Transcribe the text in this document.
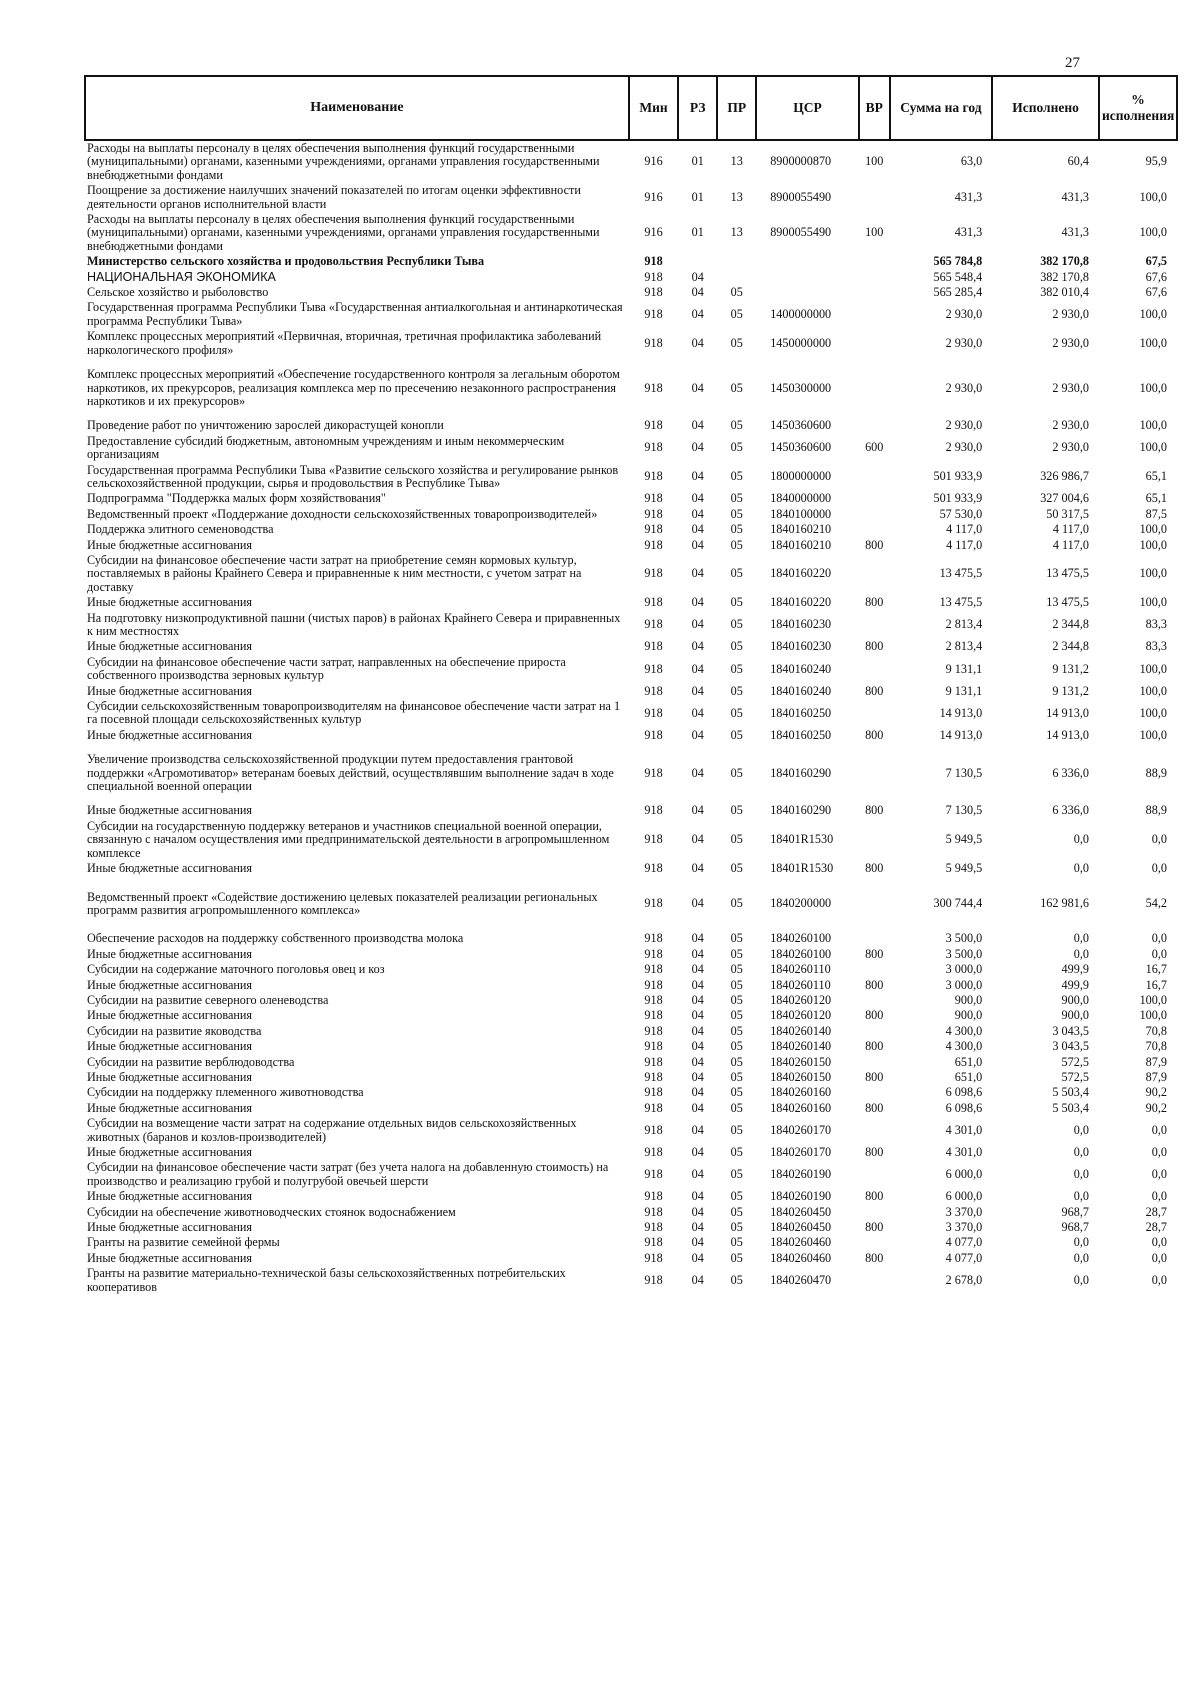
27
Наименование	Мин	РЗ	ПР	ЦСР	ВР	Сумма на год	Исполнено	% исполнения
Расходы на выплаты персоналу в целях обеспечения выполнения функций государственными (муниципальными) органами, казенными учреждениями, органами управления государственными внебюджетными фондами	916	01	13	8900000870	100	63,0	60,4	95,9
Поощрение за достижение наилучших значений показателей по итогам оценки эффективности деятельности органов исполнительной власти	916	01	13	8900055490		431,3	431,3	100,0
Расходы на выплаты персоналу в целях обеспечения выполнения функций государственными (муниципальными) органами, казенными учреждениями, органами управления государственными внебюджетными фондами	916	01	13	8900055490	100	431,3	431,3	100,0
Министерство сельского хозяйства и продовольствия Республики Тыва	918					565 784,8	382 170,8	67,5
НАЦИОНАЛЬНАЯ ЭКОНОМИКА	918	04				565 548,4	382 170,8	67,6
Сельское хозяйство и рыболовство	918	04	05			565 285,4	382 010,4	67,6
Государственная программа Республики Тыва «Государственная антиалкогольная и антинаркотическая программа Республики Тыва»	918	04	05	1400000000		2 930,0	2 930,0	100,0
Комплекс процессных мероприятий «Первичная, вторичная, третичная профилактика заболеваний наркологического профиля»	918	04	05	1450000000		2 930,0	2 930,0	100,0
Комплекс процессных мероприятий «Обеспечение государственного контроля за легальным оборотом наркотиков, их прекурсоров, реализация комплекса мер по пресечению незаконного распространения наркотиков и их прекурсоров»	918	04	05	1450300000		2 930,0	2 930,0	100,0
Проведение работ по уничтожению зарослей дикорастущей конопли	918	04	05	1450360600		2 930,0	2 930,0	100,0
Предоставление субсидий бюджетным, автономным учреждениям и иным некоммерческим организациям	918	04	05	1450360600	600	2 930,0	2 930,0	100,0
Государственная программа Республики Тыва «Развитие сельского хозяйства и регулирование рынков сельскохозяйственной продукции, сырья и продовольствия в Республике Тыва»	918	04	05	1800000000		501 933,9	326 986,7	65,1
Подпрограмма "Поддержка малых форм хозяйствования"	918	04	05	1840000000		501 933,9	327 004,6	65,1
Ведомственный проект «Поддержание доходности сельскохозяйственных товаропроизводителей»	918	04	05	1840100000		57 530,0	50 317,5	87,5
Поддержка элитного семеноводства	918	04	05	1840160210		4 117,0	4 117,0	100,0
Иные бюджетные ассигнования	918	04	05	1840160210	800	4 117,0	4 117,0	100,0
Субсидии на финансовое обеспечение части затрат на приобретение семян кормовых культур, поставляемых в районы Крайнего Севера и приравненные к ним местности, с учетом затрат на доставку	918	04	05	1840160220		13 475,5	13 475,5	100,0
Иные бюджетные ассигнования	918	04	05	1840160220	800	13 475,5	13 475,5	100,0
На подготовку низкопродуктивной пашни (чистых паров) в районах Крайнего Севера и приравненных к ним местностях	918	04	05	1840160230		2 813,4	2 344,8	83,3
Иные бюджетные ассигнования	918	04	05	1840160230	800	2 813,4	2 344,8	83,3
Субсидии на финансовое обеспечение части затрат, направленных на обеспечение прироста собственного производства зерновых культур	918	04	05	1840160240		9 131,1	9 131,2	100,0
Иные бюджетные ассигнования	918	04	05	1840160240	800	9 131,1	9 131,2	100,0
Субсидии сельскохозяйственным товаропроизводителям на финансовое обеспечение части затрат на 1 га посевной площади сельскохозяйственных культур	918	04	05	1840160250		14 913,0	14 913,0	100,0
Иные бюджетные ассигнования	918	04	05	1840160250	800	14 913,0	14 913,0	100,0
Увеличение производства сельскохозяйственной продукции путем предоставления грантовой поддержки «Агромотиватор» ветеранам боевых действий, осуществлявшим выполнение задач в ходе специальной военной операции	918	04	05	1840160290		7 130,5	6 336,0	88,9
Иные бюджетные ассигнования	918	04	05	1840160290	800	7 130,5	6 336,0	88,9
Субсидии на государственную поддержку ветеранов и участников специальной военной операции, связанную с началом осуществления ими предпринимательской деятельности в агропромышленном комплексе	918	04	05	18401R1530		5 949,5	0,0	0,0
Иные бюджетные ассигнования	918	04	05	18401R1530	800	5 949,5	0,0	0,0
Ведомственный проект «Содействие достижению целевых показателей реализации региональных программ развития агропромышленного комплекса»	918	04	05	1840200000		300 744,4	162 981,6	54,2
Обеспечение расходов на поддержку собственного производства молока	918	04	05	1840260100		3 500,0	0,0	0,0
Иные бюджетные ассигнования	918	04	05	1840260100	800	3 500,0	0,0	0,0
Субсидии на содержание маточного поголовья овец и коз	918	04	05	1840260110		3 000,0	499,9	16,7
Иные бюджетные ассигнования	918	04	05	1840260110	800	3 000,0	499,9	16,7
Субсидии на развитие северного оленеводства	918	04	05	1840260120		900,0	900,0	100,0
Иные бюджетные ассигнования	918	04	05	1840260120	800	900,0	900,0	100,0
Субсидии на развитие яководства	918	04	05	1840260140		4 300,0	3 043,5	70,8
Иные бюджетные ассигнования	918	04	05	1840260140	800	4 300,0	3 043,5	70,8
Субсидии на развитие верблюдоводства	918	04	05	1840260150		651,0	572,5	87,9
Иные бюджетные ассигнования	918	04	05	1840260150	800	651,0	572,5	87,9
Субсидии на поддержку племенного животноводства	918	04	05	1840260160		6 098,6	5 503,4	90,2
Иные бюджетные ассигнования	918	04	05	1840260160	800	6 098,6	5 503,4	90,2
Субсидии на возмещение части затрат на содержание отдельных видов сельскохозяйственных животных (баранов и козлов-производителей)	918	04	05	1840260170		4 301,0	0,0	0,0
Иные бюджетные ассигнования	918	04	05	1840260170	800	4 301,0	0,0	0,0
Субсидии на финансовое обеспечение части затрат (без учета налога на добавленную стоимость) на производство и реализацию грубой и полугрубой овечьей шерсти	918	04	05	1840260190		6 000,0	0,0	0,0
Иные бюджетные ассигнования	918	04	05	1840260190	800	6 000,0	0,0	0,0
Субсидии на обеспечение животноводческих стоянок водоснабжением	918	04	05	1840260450		3 370,0	968,7	28,7
Иные бюджетные ассигнования	918	04	05	1840260450	800	3 370,0	968,7	28,7
Гранты на развитие семейной фермы	918	04	05	1840260460		4 077,0	0,0	0,0
Иные бюджетные ассигнования	918	04	05	1840260460	800	4 077,0	0,0	0,0
Гранты на развитие материально-технической базы сельскохозяйственных потребительских кооперативов	918	04	05	1840260470		2 678,0	0,0	0,0
